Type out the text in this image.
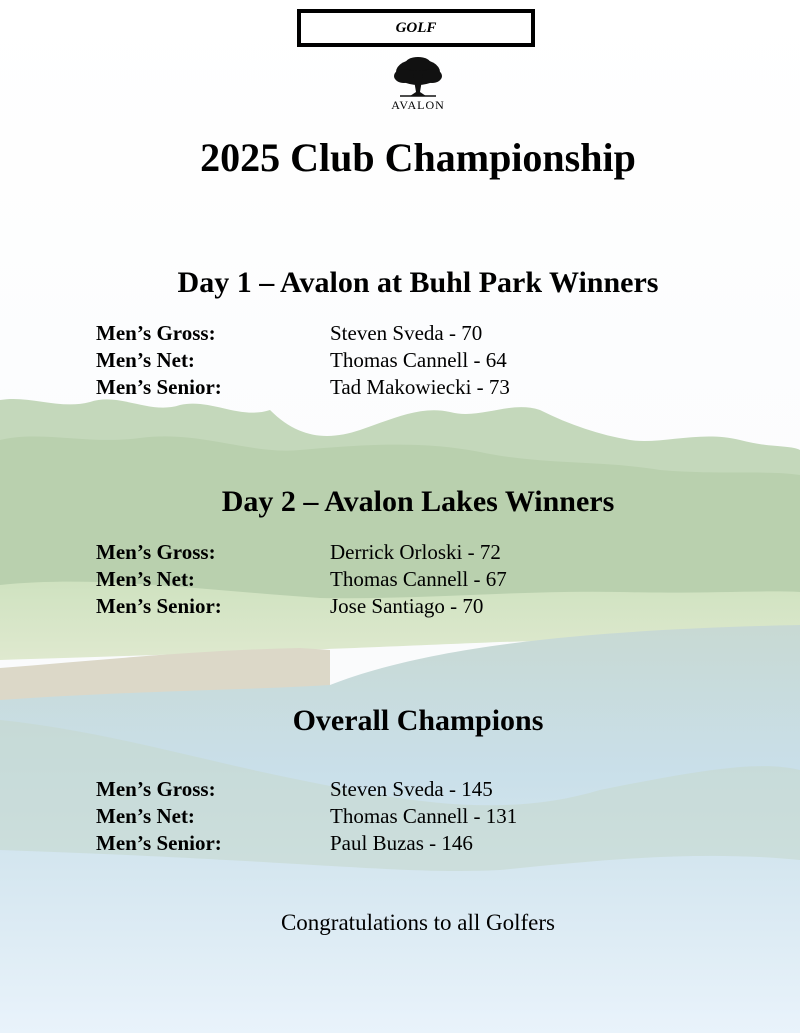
GOLF
AVALON
2025 Club Championship
Day 1 – Avalon at Buhl Park Winners
Men’s Gross:	Steven Sveda - 70
Men’s Net:	Thomas Cannell - 64
Men’s Senior:	Tad Makowiecki - 73
Day 2 – Avalon Lakes Winners
Men’s Gross:	Derrick Orloski - 72
Men’s Net:	Thomas Cannell - 67
Men’s Senior:	Jose Santiago - 70
Overall Champions
Men’s Gross:	Steven Sveda - 145
Men’s Net:	Thomas Cannell - 131
Men’s Senior:	Paul Buzas - 146
Congratulations to all Golfers
